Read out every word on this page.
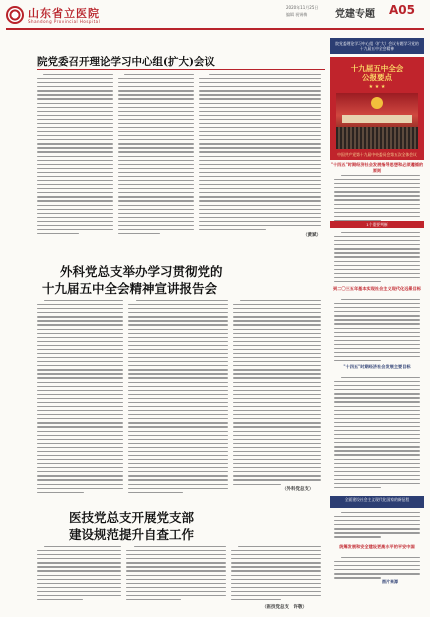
山东省立医院
Shandong Provincial Hospital
2020年11月25日
编辑 祝锡梅	党建专题 A05
院党委召开理论学习中心组(扩大)会议
（黄斌）
外科党总支举办学习贯彻党的
十九届五中全会精神宣讲报告会
（外科党总支）
医技党总支开展党支部
建设规范提升自查工作
（医技党总支　许敬）
院党委理论学习中心组（扩大）会议专题学习党的十九届五中全会精神
十九届五中全会
公报要点
★ ★ ★
中国共产党第十九届中央委员会第五次全体会议
"十四五"时期经济社会发展指导思想和必须遵循的原则
1个重要判断
到二〇三五年基本实现社会主义现代化远景目标
"十四五"时期经济社会发展主要目标
全面建设社会主义现代化国家的新征程
统筹发展和安全建设更高水平的平安中国
图片来源
